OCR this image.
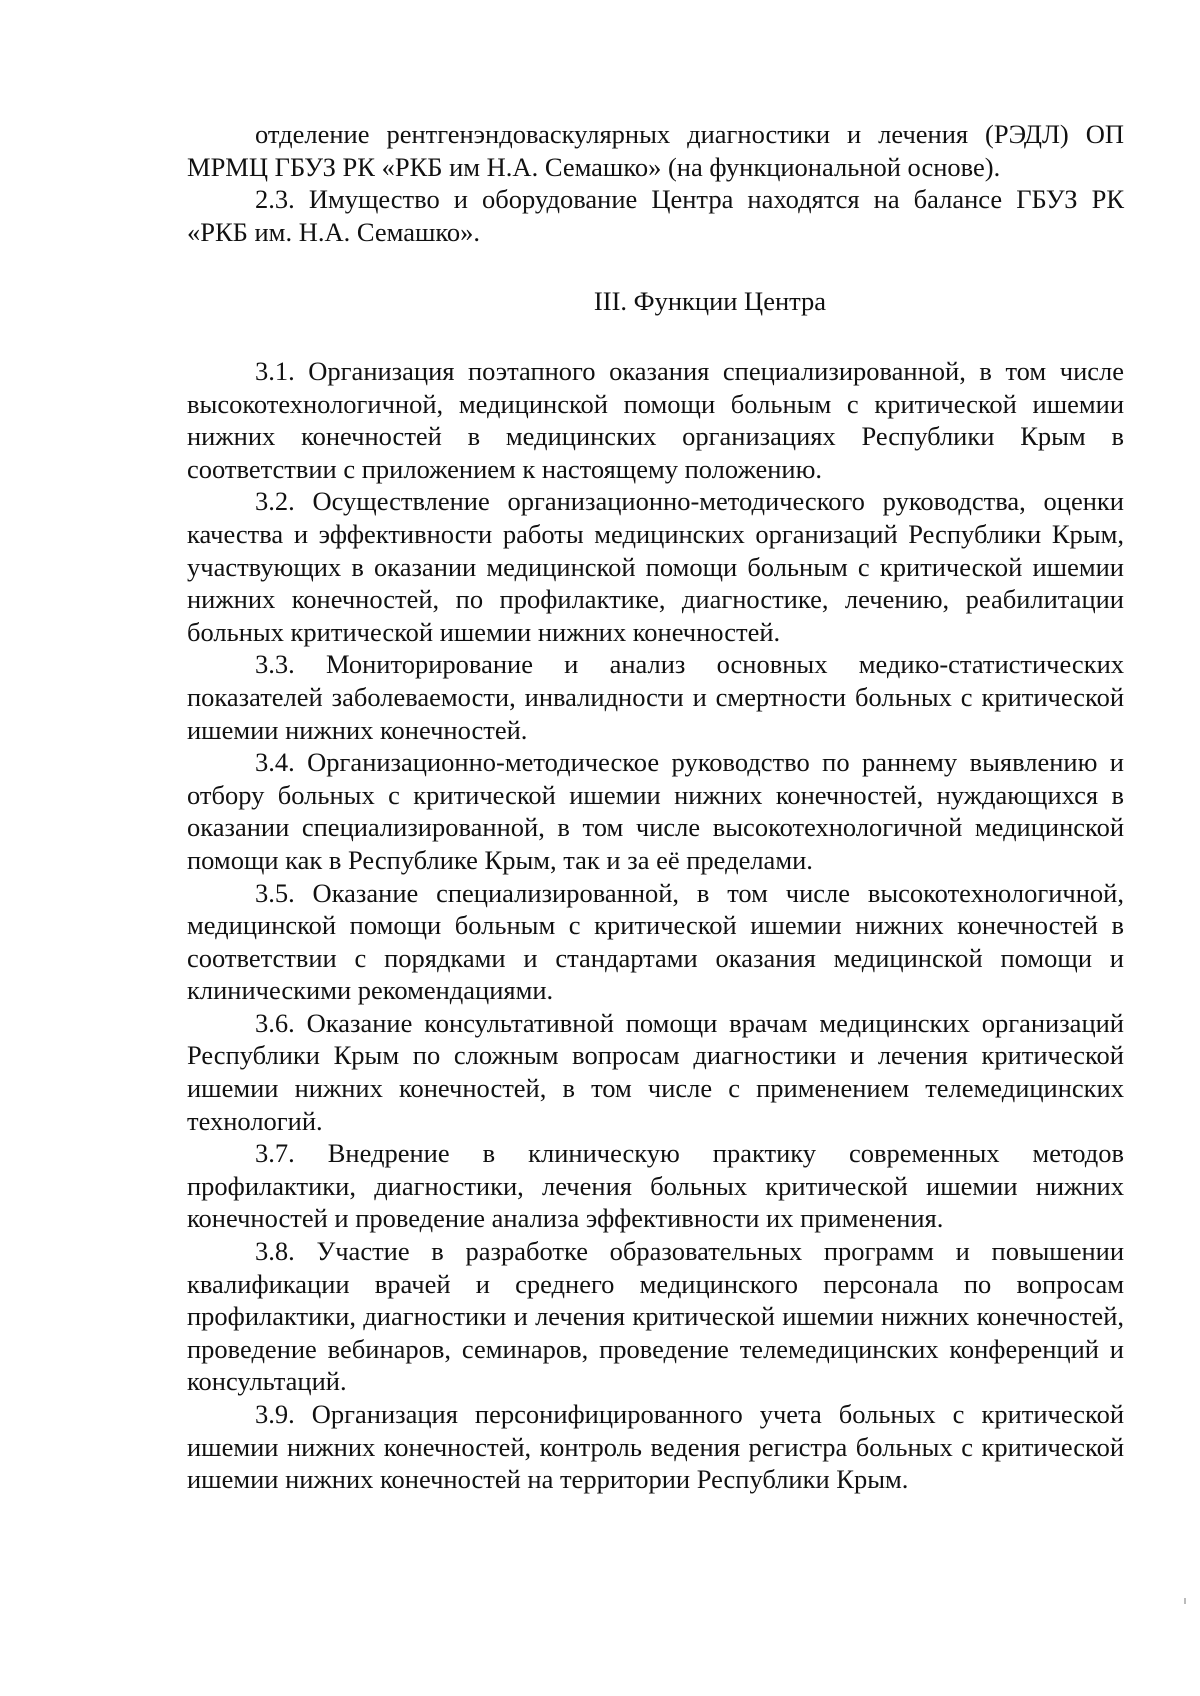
отделение рентгенэндоваскулярных диагностики и лечения (РЭДЛ) ОП МРМЦ ГБУЗ РК «РКБ им Н.А. Семашко» (на функциональной основе).

2.3. Имущество и оборудование Центра находятся на балансе ГБУЗ РК «РКБ им. Н.А. Семашко».

III. Функции Центра

3.1. Организация поэтапного оказания специализированной, в том числе высокотехнологичной, медицинской помощи больным с критической ишемии нижних конечностей в медицинских организациях Республики Крым в соответствии с приложением к настоящему положению.

3.2. Осуществление организационно-методического руководства, оценки качества и эффективности работы медицинских организаций Республики Крым, участвующих в оказании медицинской помощи больным с критической ишемии нижних конечностей, по профилактике, диагностике, лечению, реабилитации больных критической ишемии нижних конечностей.

3.3. Мониторирование и анализ основных медико-статистических показателей заболеваемости, инвалидности и смертности больных с критической ишемии нижних конечностей.

3.4. Организационно-методическое руководство по раннему выявлению и отбору больных с критической ишемии нижних конечностей, нуждающихся в оказании специализированной, в том числе высокотехнологичной медицинской помощи как в Республике Крым, так и за её пределами.

3.5. Оказание специализированной, в том числе высокотехнологичной, медицинской помощи больным с критической ишемии нижних конечностей в соответствии с порядками и стандартами оказания медицинской помощи и клиническими рекомендациями.

3.6. Оказание консультативной помощи врачам медицинских организаций Республики Крым по сложным вопросам диагностики и лечения критической ишемии нижних конечностей, в том числе с применением телемедицинских технологий.

3.7. Внедрение в клиническую практику современных методов профилактики, диагностики, лечения больных критической ишемии нижних конечностей и проведение анализа эффективности их применения.

3.8. Участие в разработке образовательных программ и повышении квалификации врачей и среднего медицинского персонала по вопросам профилактики, диагностики и лечения критической ишемии нижних конечностей, проведение вебинаров, семинаров, проведение телемедицинских конференций и консультаций.

3.9. Организация персонифицированного учета больных с критической ишемии нижних конечностей, контроль ведения регистра больных с критической ишемии нижних конечностей на территории Республики Крым.
